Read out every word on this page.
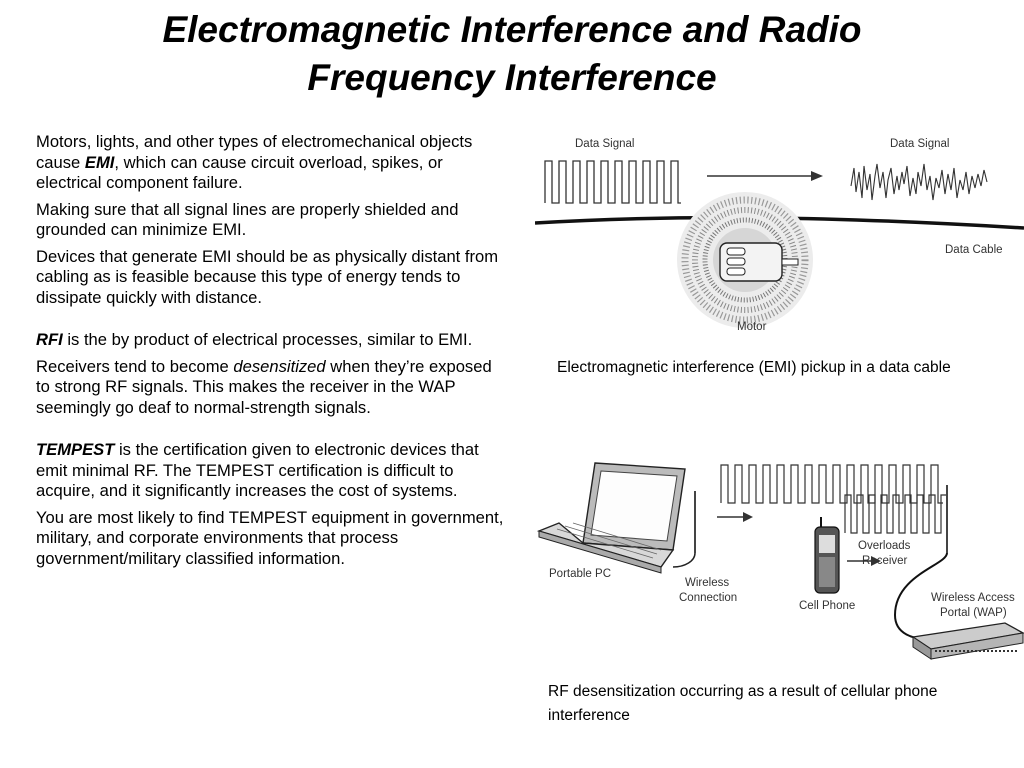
Electromagnetic Interference and Radio
Frequency Interference

Motors, lights, and other types of electromechanical objects cause EMI, which can cause circuit overload, spikes, or electrical component failure.

Making sure that all signal lines are properly shielded and grounded can minimize EMI.

Devices that generate EMI should be as physically distant from cabling as is feasible because this type of energy tends to dissipate quickly with distance.

RFI is the by product of electrical processes, similar to EMI.

Receivers tend to become desensitized when they’re exposed to strong RF signals. This makes the receiver in the WAP seemingly go deaf to normal-strength signals.

TEMPEST is the certification given to electronic devices that emit minimal RF. The TEMPEST certification is difficult to acquire, and it significantly increases the cost of systems.

You are most likely to find TEMPEST equipment in government, military, and corporate environments that process government/military classified information.

Data Signal	Data Signal
Data Cable
Motor
Electromagnetic interference (EMI) pickup in a data cable
Portable PC
Wireless
Connection
Cell Phone
Overloads
Receiver
Wireless Access
Portal (WAP)
RF desensitization occurring as a result of cellular phone interference
